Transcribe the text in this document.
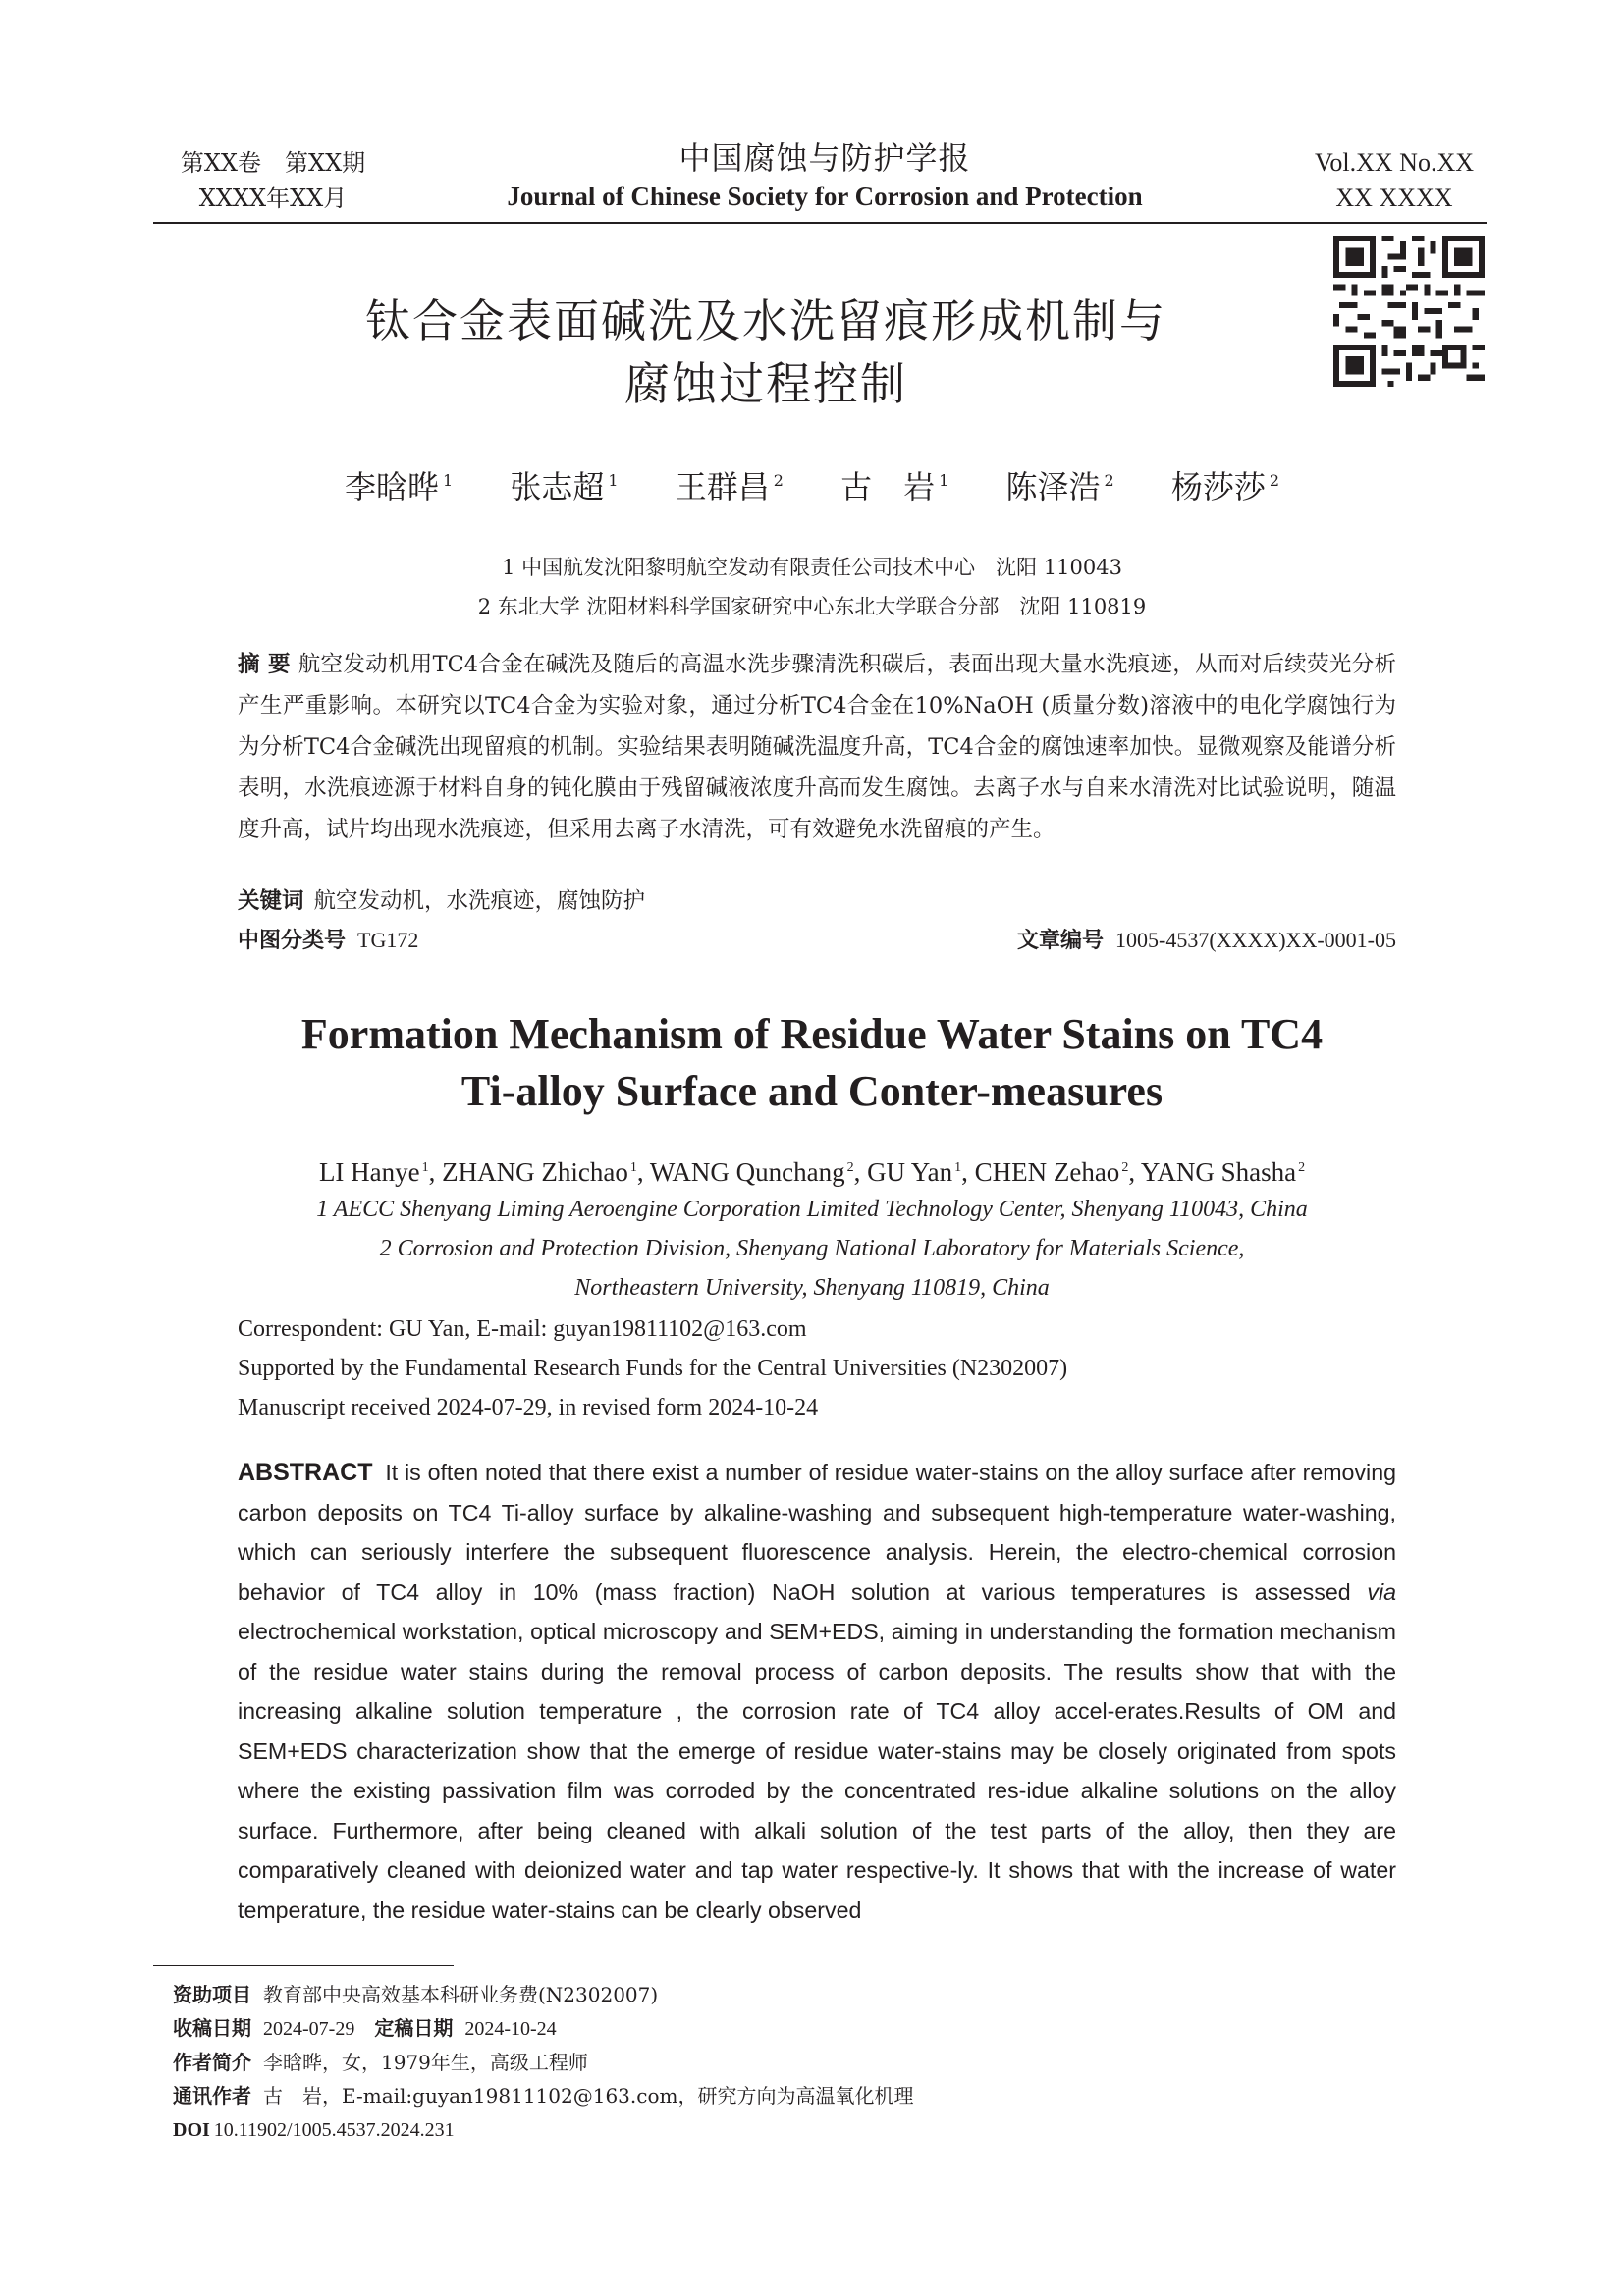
第XX卷　第XX期
XXXX年XX月
中国腐蚀与防护学报
Journal of Chinese Society for Corrosion and Protection
Vol.XX No.XX
XX XXXX
钛合金表面碱洗及水洗留痕形成机制与
腐蚀过程控制
李晗晔 $^1$ 张志超 $^1$ 王群昌 $^2$ 古　岩 $^1$ 陈泽浩 $^2$ 杨莎莎 $^2$
1 中国航发沈阳黎明航空发动有限责任公司技术中心　沈阳 110043
2 东北大学 沈阳材料科学国家研究中心东北大学联合分部　沈阳 110819
摘 要 航空发动机用TC4合金在碱洗及随后的高温水洗步骤清洗积碳后，表面出现大量水洗痕迹，从而对后续荧光分析产生严重影响。本研究以TC4合金为实验对象，通过分析TC4合金在10%NaOH (质量分数)溶液中的电化学腐蚀行为为分析TC4合金碱洗出现留痕的机制。实验结果表明随碱洗温度升高，TC4合金的腐蚀速率加快。显微观察及能谱分析表明，水洗痕迹源于材料自身的钝化膜由于残留碱液浓度升高而发生腐蚀。去离子水与自来水清洗对比试验说明，随温度升高，试片均出现水洗痕迹，但采用去离子水清洗，可有效避免水洗留痕的产生。
关键词 航空发动机，水洗痕迹，腐蚀防护
中图分类号 TG172	文章编号 1005-4537(XXXX)XX-0001-05
Formation Mechanism of Residue Water Stains on TC4
Ti-alloy Surface and Conter-measures
LI Hanye $^1$, ZHANG Zhichao $^1$, WANG Qunchang $^2$, GU Yan $^1$, CHEN Zehao $^2$, YANG Shasha $^2$
1 AECC Shenyang Liming Aeroengine Corporation Limited Technology Center, Shenyang 110043, China
2 Corrosion and Protection Division, Shenyang National Laboratory for Materials Science,
Northeastern University, Shenyang 110819, China
Correspondent: GU Yan, E-mail: guyan19811102@163.com
Supported by the Fundamental Research Funds for the Central Universities (N2302007)
Manuscript received 2024-07-29, in revised form 2024-10-24
ABSTRACT It is often noted that there exist a number of residue water-stains on the alloy surface after removing carbon deposits on TC4 Ti-alloy surface by alkaline-washing and subsequent high-temperature water-washing, which can seriously interfere the subsequent fluorescence analysis. Herein, the electro-chemical corrosion behavior of TC4 alloy in 10% (mass fraction) NaOH solution at various temperatures is assessed via electrochemical workstation, optical microscopy and SEM+EDS, aiming in understanding the formation mechanism of the residue water stains during the removal process of carbon deposits. The results show that with the increasing alkaline solution temperature , the corrosion rate of TC4 alloy accel-erates.Results of OM and SEM+EDS characterization show that the emerge of residue water-stains may be closely originated from spots where the existing passivation film was corroded by the concentrated res-idue alkaline solutions on the alloy surface. Furthermore, after being cleaned with alkali solution of the test parts of the alloy, then they are comparatively cleaned with deionized water and tap water respective-ly. It shows that with the increase of water temperature, the residue water-stains can be clearly observed
资助项目 教育部中央高效基本科研业务费(N2302007)
收稿日期 2024-07-29　 定稿日期 2024-10-24
作者简介 李晗晔，女，1979年生，高级工程师
通讯作者 古　岩，E-mail:guyan19811102@163.com，研究方向为高温氧化机理
DOI 10.11902/1005.4537.2024.231
